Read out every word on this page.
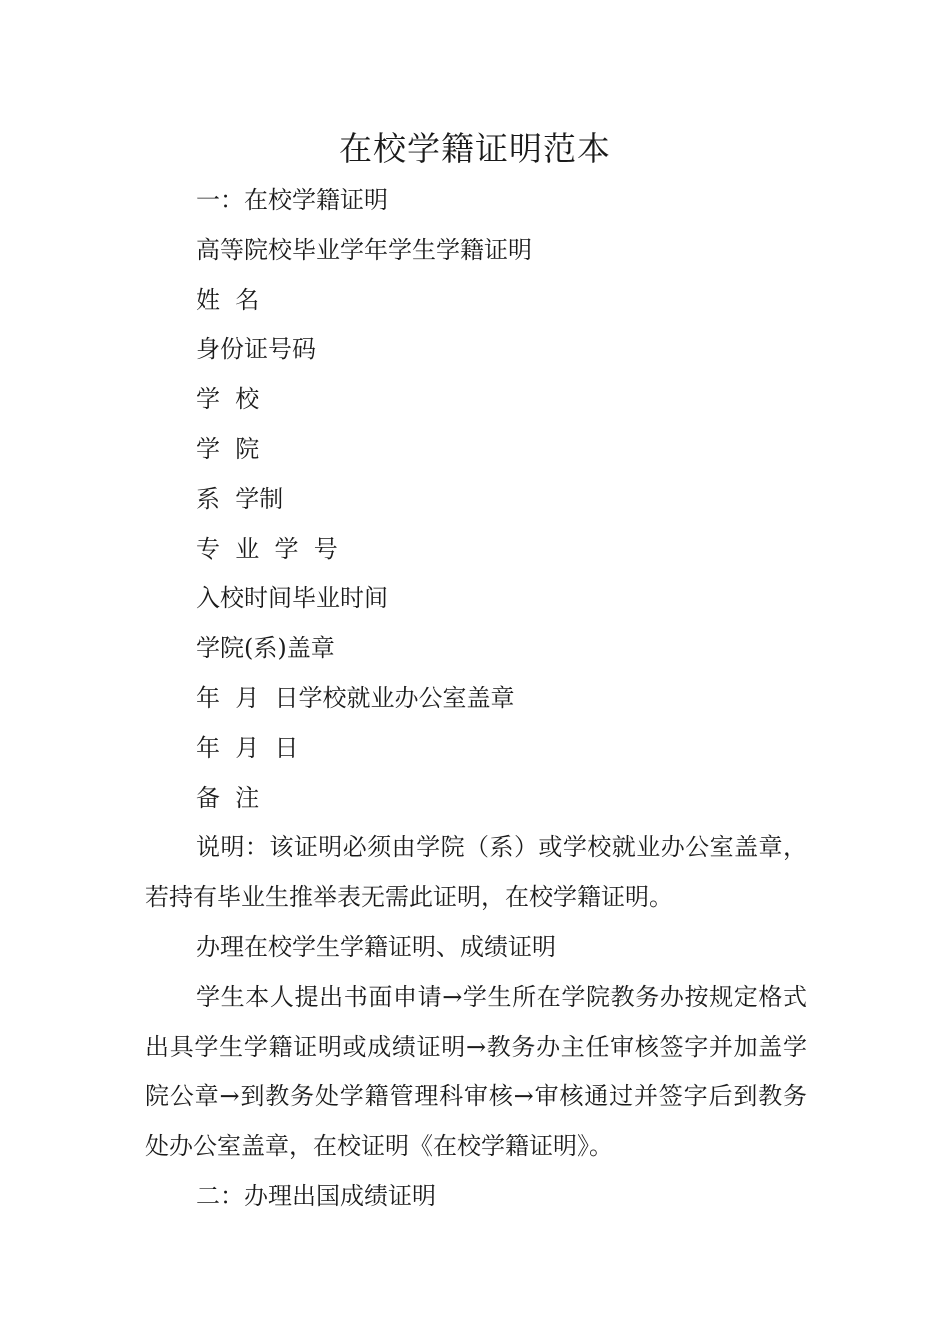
在校学籍证明范本

一：在校学籍证明

高等院校毕业学年学生学籍证明

姓  名

身份证号码

学  校

学  院

系  学制

专  业  学  号

入校时间毕业时间

学院(系)盖章

年  月  日学校就业办公室盖章

年  月  日

备  注

说明：该证明必须由学院（系）或学校就业办公室盖章，若持有毕业生推举表无需此证明，在校学籍证明。

办理在校学生学籍证明、成绩证明

学生本人提出书面申请→学生所在学院教务办按规定格式出具学生学籍证明或成绩证明→教务办主任审核签字并加盖学院公章→到教务处学籍管理科审核→审核通过并签字后到教务处办公室盖章，在校证明《在校学籍证明》。

二：办理出国成绩证明
